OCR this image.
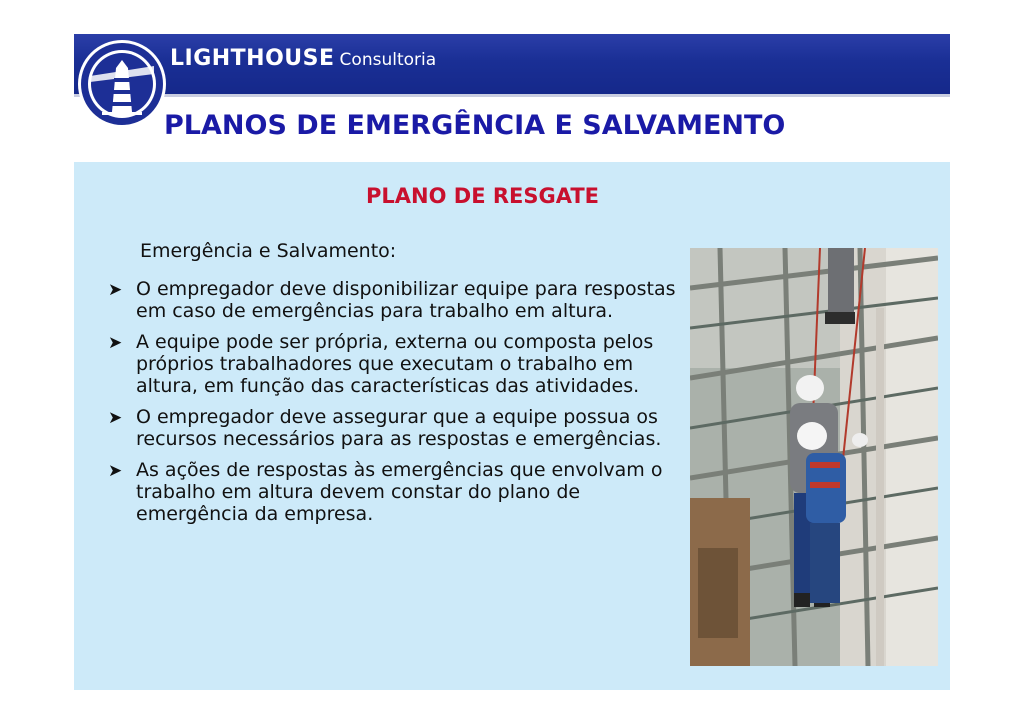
LIGHTHOUSE Consultoria
PLANOS DE EMERGÊNCIA E SALVAMENTO
PLANO DE RESGATE
Emergência e Salvamento:
➤ O empregador deve disponibilizar equipe para respostas em caso de emergências para trabalho em altura.
➤ A equipe pode ser própria, externa ou composta pelos próprios trabalhadores que executam o trabalho em altura, em função das características das atividades.
➤ O empregador deve assegurar que a equipe possua os recursos necessários para as respostas e emergências.
➤ As ações de respostas às emergências que envolvam o trabalho em altura devem constar do plano de emergência da empresa.
